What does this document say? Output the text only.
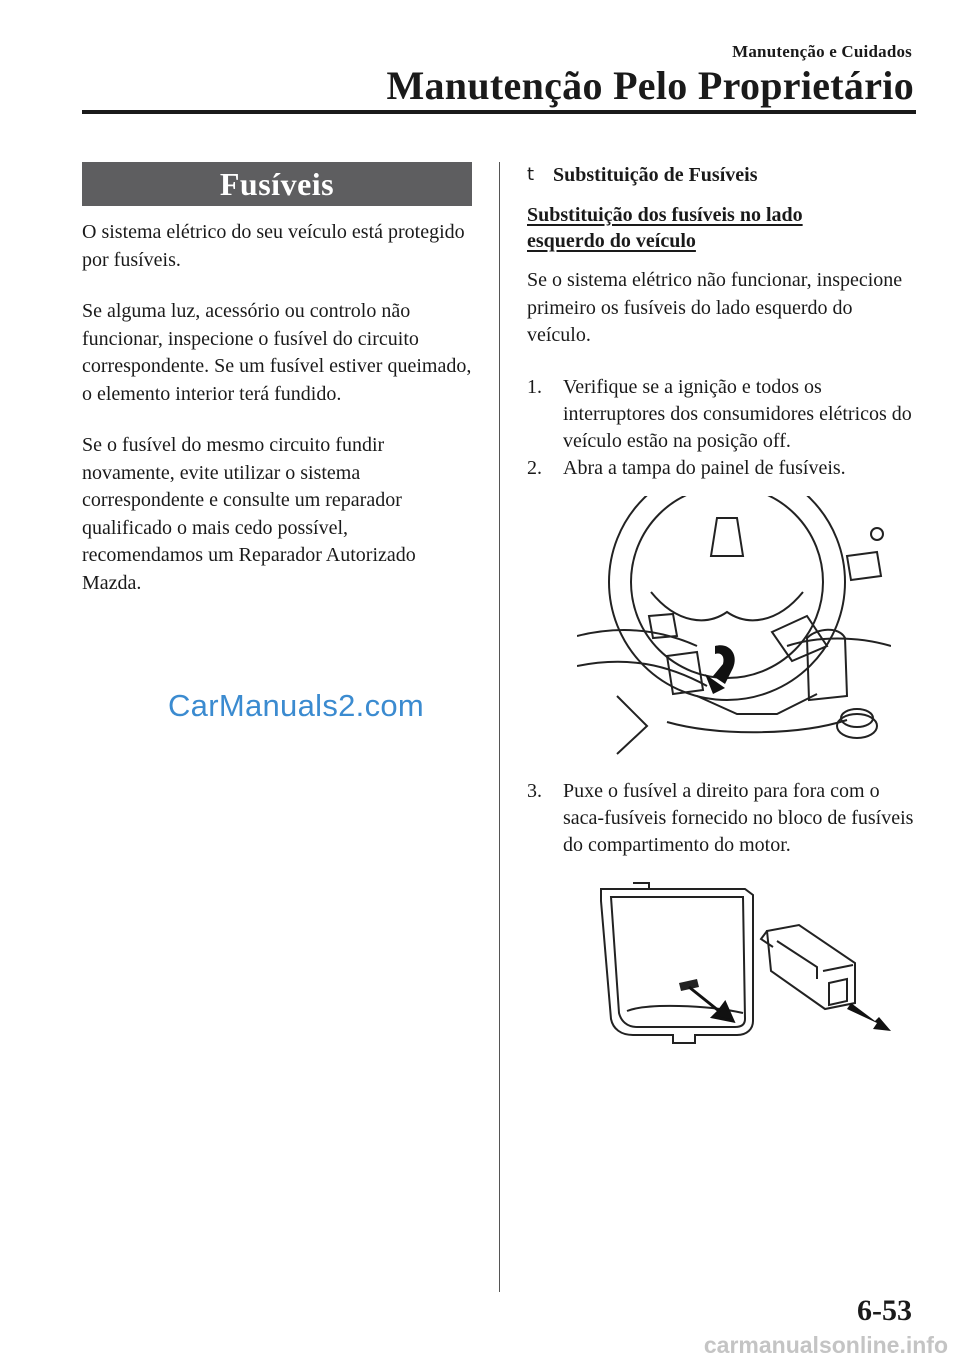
Manutenção e Cuidados
Manutenção Pelo Proprietário
Fusíveis

O sistema elétrico do seu veículo está protegido por fusíveis.

Se alguma luz, acessório ou controlo não funcionar, inspecione o fusível do circuito correspondente. Se um fusível estiver queimado, o elemento interior terá fundido.

Se o fusível do mesmo circuito fundir novamente, evite utilizar o sistema correspondente e consulte um reparador qualificado o mais cedo possível, recomendamos um Reparador Autorizado Mazda.

CarManuals2.com
t Substituição de Fusíveis
Substituição dos fusíveis no lado esquerdo do veículo

Se o sistema elétrico não funcionar, inspecione primeiro os fusíveis do lado esquerdo do veículo.

1.	Verifique se a ignição e todos os interruptores dos consumidores elétricos do veículo estão na posição off.
2.	Abra a tampa do painel de fusíveis.
3.	Puxe o fusível a direito para fora com o saca-fusíveis fornecido no bloco de fusíveis do compartimento do motor.
6-53
carmanualsonline.info
